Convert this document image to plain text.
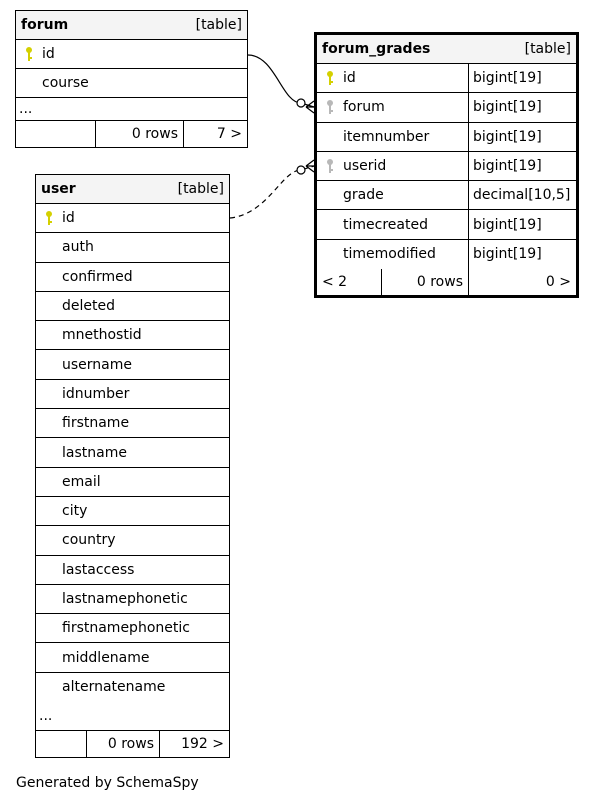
forum	[table]
id
course
...
0 rows	7 >
user	[table]
id
auth
confirmed
deleted
mnethostid
username
idnumber
firstname
lastname
email
city
country
lastaccess
lastnamephonetic
firstnamephonetic
middlename
alternatename
...
0 rows	192 >
forum_grades	[table]
id	bigint[19]
forum	bigint[19]
itemnumber	bigint[19]
userid	bigint[19]
grade	decimal[10,5]
timecreated	bigint[19]
timemodified	bigint[19]
< 2	0 rows	0 >
Generated by SchemaSpy
